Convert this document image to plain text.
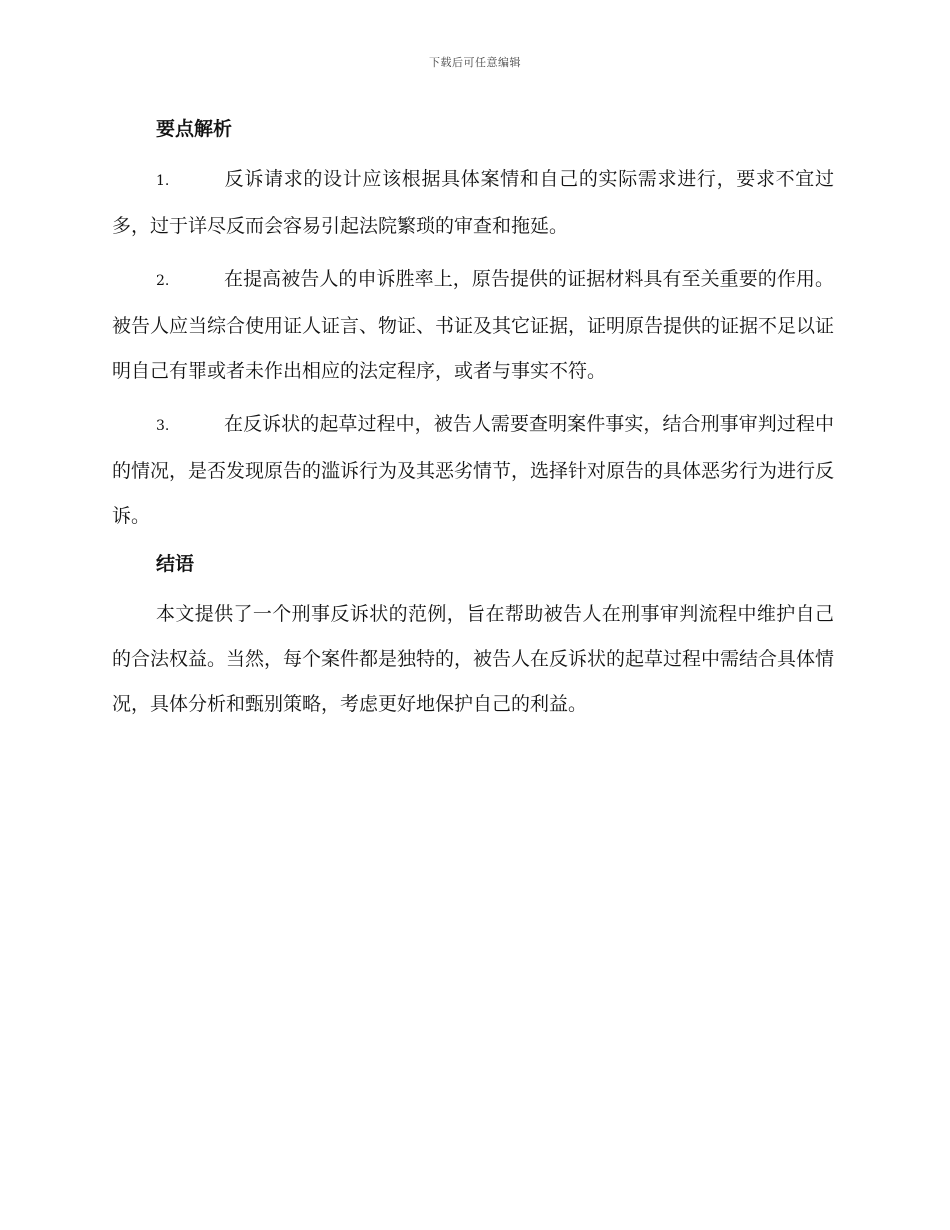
下载后可任意编辑
要点解析

1.	反诉请求的设计应该根据具体案情和自己的实际需求进行，要求不宜过多，过于详尽反而会容易引起法院繁琐的审查和拖延。

2.	在提高被告人的申诉胜率上，原告提供的证据材料具有至关重要的作用。被告人应当综合使用证人证言、物证、书证及其它证据，证明原告提供的证据不足以证明自己有罪或者未作出相应的法定程序，或者与事实不符。

3.	在反诉状的起草过程中，被告人需要查明案件事实，结合刑事审判过程中的情况，是否发现原告的滥诉行为及其恶劣情节，选择针对原告的具体恶劣行为进行反诉。

结语

本文提供了一个刑事反诉状的范例，旨在帮助被告人在刑事审判流程中维护自己的合法权益。当然，每个案件都是独特的，被告人在反诉状的起草过程中需结合具体情况，具体分析和甄别策略，考虑更好地保护自己的利益。
